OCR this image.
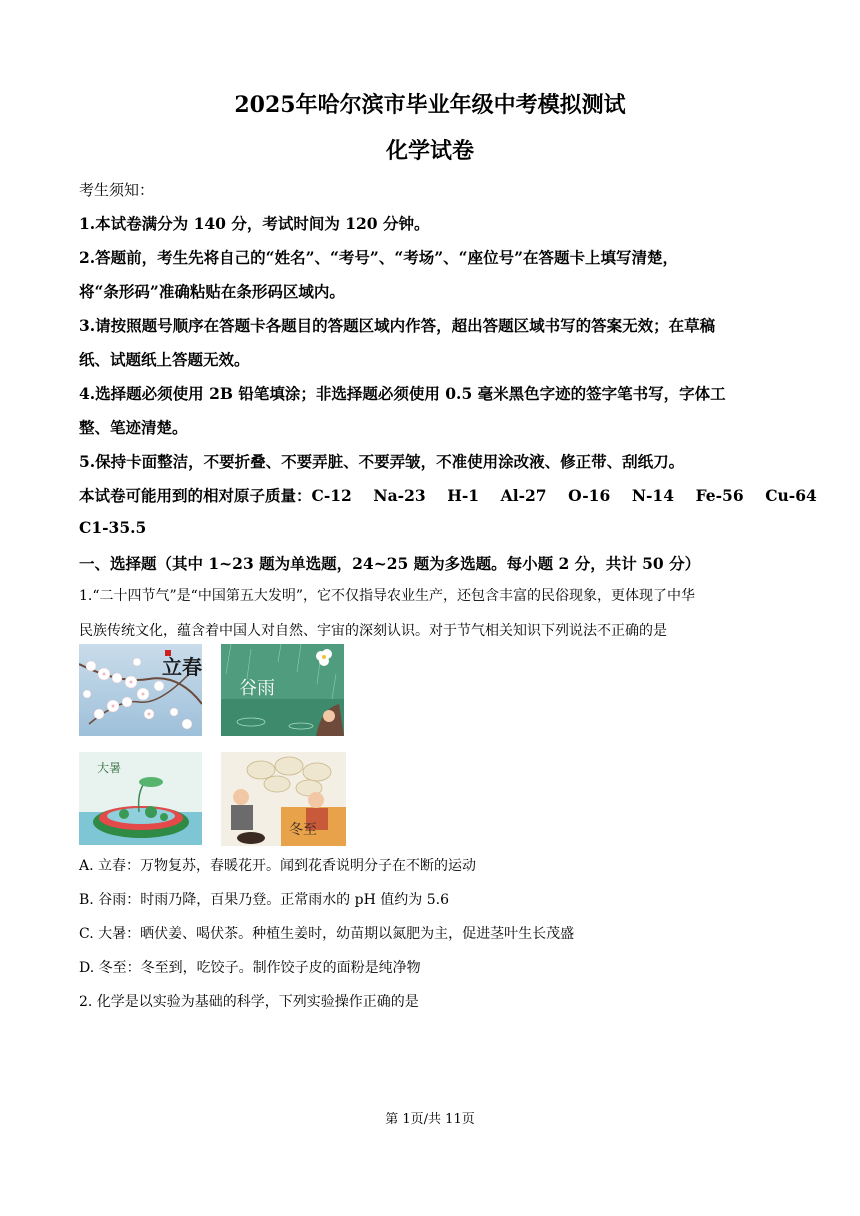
2025年哈尔滨市毕业年级中考模拟测试
化学试卷
考生须知：
1.本试卷满分为 140 分，考试时间为 120 分钟。
2.答题前，考生先将自己的“姓名”、“考号”、“考场”、“座位号”在答题卡上填写清楚，
将“条形码”准确粘贴在条形码区域内。
3.请按照题号顺序在答题卡各题目的答题区域内作答，超出答题区域书写的答案无效；在草稿
纸、试题纸上答题无效。
4.选择题必须使用 2B 铅笔填涂；非选择题必须使用 0.5 毫米黑色字迹的签字笔书写，字体工
整、笔迹清楚。
5.保持卡面整洁，不要折叠、不要弄脏、不要弄皱，不准使用涂改液、修正带、刮纸刀。
本试卷可能用到的相对原子质量：C-12    Na-23    H-1    Al-27    O-16    N-14    Fe-56    Cu-64
C1-35.5
一、选择题（其中 1~23 题为单选题，24~25 题为多选题。每小题 2 分，共计 50 分）
1.“二十四节气”是“中国第五大发明”，它不仅指导农业生产，还包含丰富的民俗现象，更体现了中华
民族传统文化，蕴含着中国人对自然、宇宙的深刻认识。对于节气相关知识下列说法不正确的是
立春
谷雨
大暑
冬至
A. 立春：万物复苏，春暖花开。闻到花香说明分子在不断的运动
B. 谷雨：时雨乃降，百果乃登。正常雨水的 pH 值约为 5.6
C. 大暑：晒伏姜、喝伏茶。种植生姜时，幼苗期以氮肥为主，促进茎叶生长茂盛
D. 冬至：冬至到，吃饺子。制作饺子皮的面粉是纯净物
2. 化学是以实验为基础的科学，下列实验操作正确的是
第 1页/共 11页
